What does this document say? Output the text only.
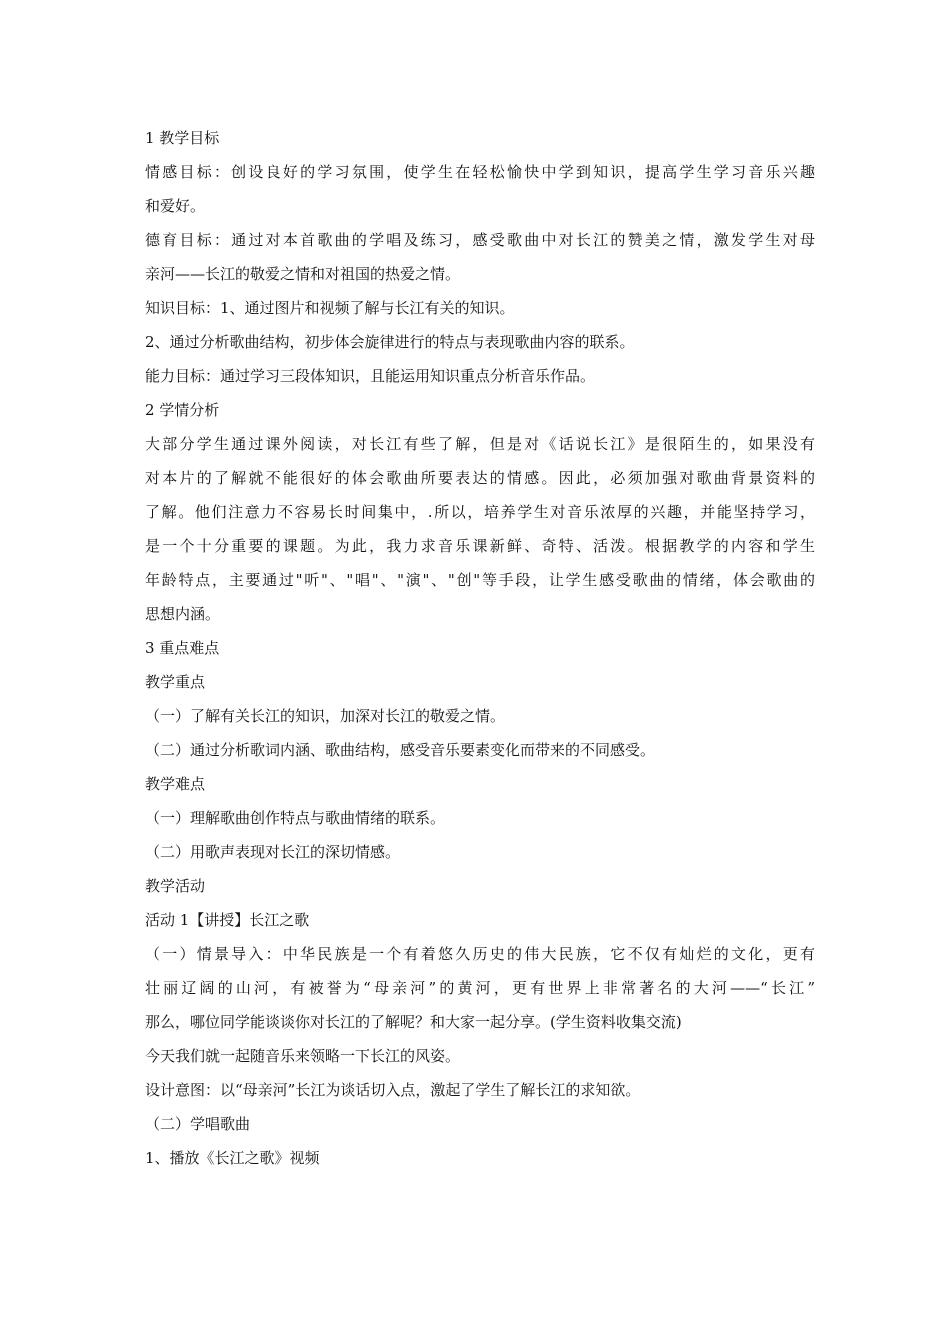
1 教学目标

情感目标：创设良好的学习氛围，使学生在轻松愉快中学到知识，提高学生学习音乐兴趣

和爱好。

德育目标：通过对本首歌曲的学唱及练习，感受歌曲中对长江的赞美之情，激发学生对母

亲河——长江的敬爱之情和对祖国的热爱之情。

知识目标：1、通过图片和视频了解与长江有关的知识。

2、通过分析歌曲结构，初步体会旋律进行的特点与表现歌曲内容的联系。

能力目标：通过学习三段体知识，且能运用知识重点分析音乐作品。

2 学情分析

大部分学生通过课外阅读，对长江有些了解，但是对《话说长江》是很陌生的，如果没有

对本片的了解就不能很好的体会歌曲所要表达的情感。因此，必须加强对歌曲背景资料的

了解。他们注意力不容易长时间集中，.所以，培养学生对音乐浓厚的兴趣，并能坚持学习，

是一个十分重要的课题。为此，我力求音乐课新鲜、奇特、活泼。根据教学的内容和学生

年龄特点，主要通过"听"、"唱"、"演"、"创"等手段，让学生感受歌曲的情绪，体会歌曲的

思想内涵。

3 重点难点

教学重点

（一）了解有关长江的知识，加深对长江的敬爱之情。

（二）通过分析歌词内涵、歌曲结构，感受音乐要素变化而带来的不同感受。

教学难点

（一）理解歌曲创作特点与歌曲情绪的联系。

（二）用歌声表现对长江的深切情感。

教学活动

活动 1【讲授】长江之歌

（一）情景导入：中华民族是一个有着悠久历史的伟大民族，它不仅有灿烂的文化，更有

壮丽辽阔的山河，有被誉为“母亲河”的黄河，更有世界上非常著名的大河——“长江”

那么，哪位同学能谈谈你对长江的了解呢？和大家一起分享。(学生资料收集交流)

今天我们就一起随音乐来领略一下长江的风姿。

设计意图：以“母亲河”长江为谈话切入点，激起了学生了解长江的求知欲。

（二）学唱歌曲

1、播放《长江之歌》视频
